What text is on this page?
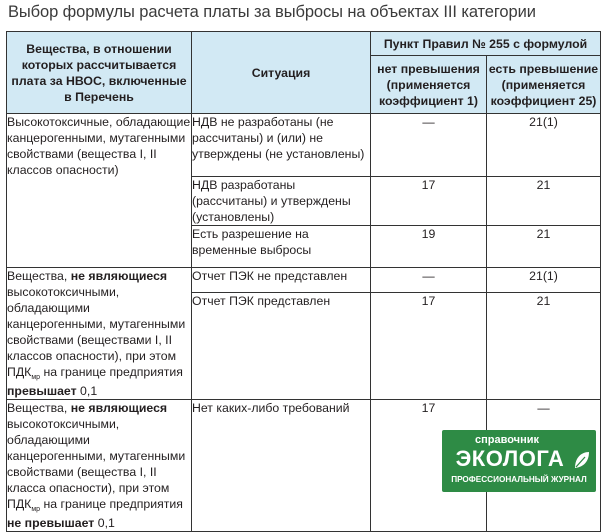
Выбор формулы расчета платы за выбросы на объектах III категории
Вещества, в отношении которых рассчитывается плата за НВОС, включенные в Перечень	Ситуация	Пункт Правил № 255 с формулой	
		нет превышения (применяется коэффициент 1)	есть превышение (применяется коэффициент 25)
Высокотоксичные, обладающие канцерогенными, мутагенными свойствами (вещества I, II классов опасности)	НДВ не разработаны (не рассчитаны) и (или) не утверждены (не установлены)	—	21(1)
	НДВ разработаны (рассчитаны) и утверждены (установлены)	17	21
	Есть разрешение на временные выбросы	19	21
Вещества, не являющиеся высокотоксичными, обладающими канцерогенными, мутагенными свойствами (веществами I, II классов опасности), при этом $ПДК_{мр}$ на границе предприятия превышает 0,1	Отчет ПЭК не представлен	—	21(1)
	Отчет ПЭК представлен	17	21
Вещества, не являющиеся высокотоксичными, обладающими канцерогенными, мутагенными свойствами (вещества I, II класса опасности), при этом $ПДК_{мр}$ на границе предприятия не превышает 0,1	Нет каких-либо требований	17	—
справочник
ЭКОЛОГА
ПРОФЕССИОНАЛЬНЫЙ ЖУРНАЛ
